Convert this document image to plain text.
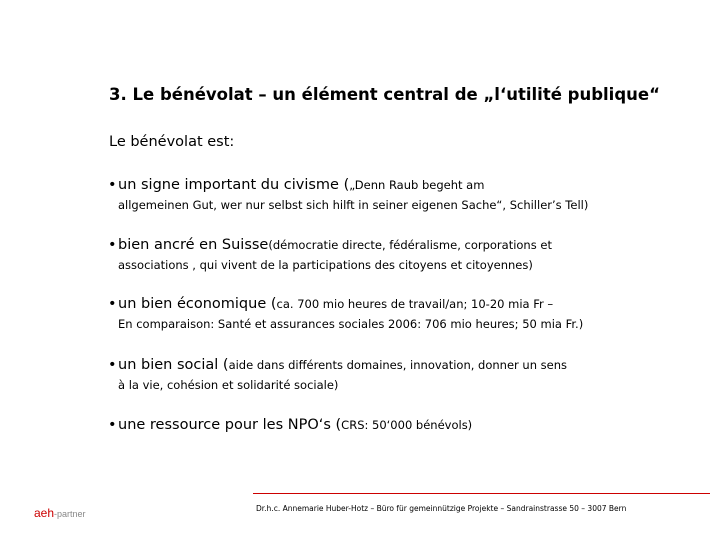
3. Le bénévolat – un élément central de „l‘utilité publique“
Le bénévolat est:
•un signe important du civisme („Denn Raub begeht am
allgemeinen Gut, wer nur selbst sich hilft in seiner eigenen Sache“, Schiller’s Tell)
•bien ancré en Suisse(démocratie directe, fédéralisme, corporations et
associations , qui vivent de la participations des citoyens et citoyennes)
•un bien économique (ca. 700 mio heures de travail/an; 10-20 mia Fr –
En comparaison: Santé et assurances sociales 2006: 706 mio heures; 50 mia Fr.)
•un bien social (aide dans différents domaines, innovation, donner un sens
à la vie, cohésion et solidarité sociale)
•une ressource pour les NPO‘s (CRS: 50‘000 bénévols)
aeh-partner
Dr.h.c. Annemarie Huber-Hotz – Büro für gemeinnützige Projekte – Sandrainstrasse 50 – 3007 Bern
